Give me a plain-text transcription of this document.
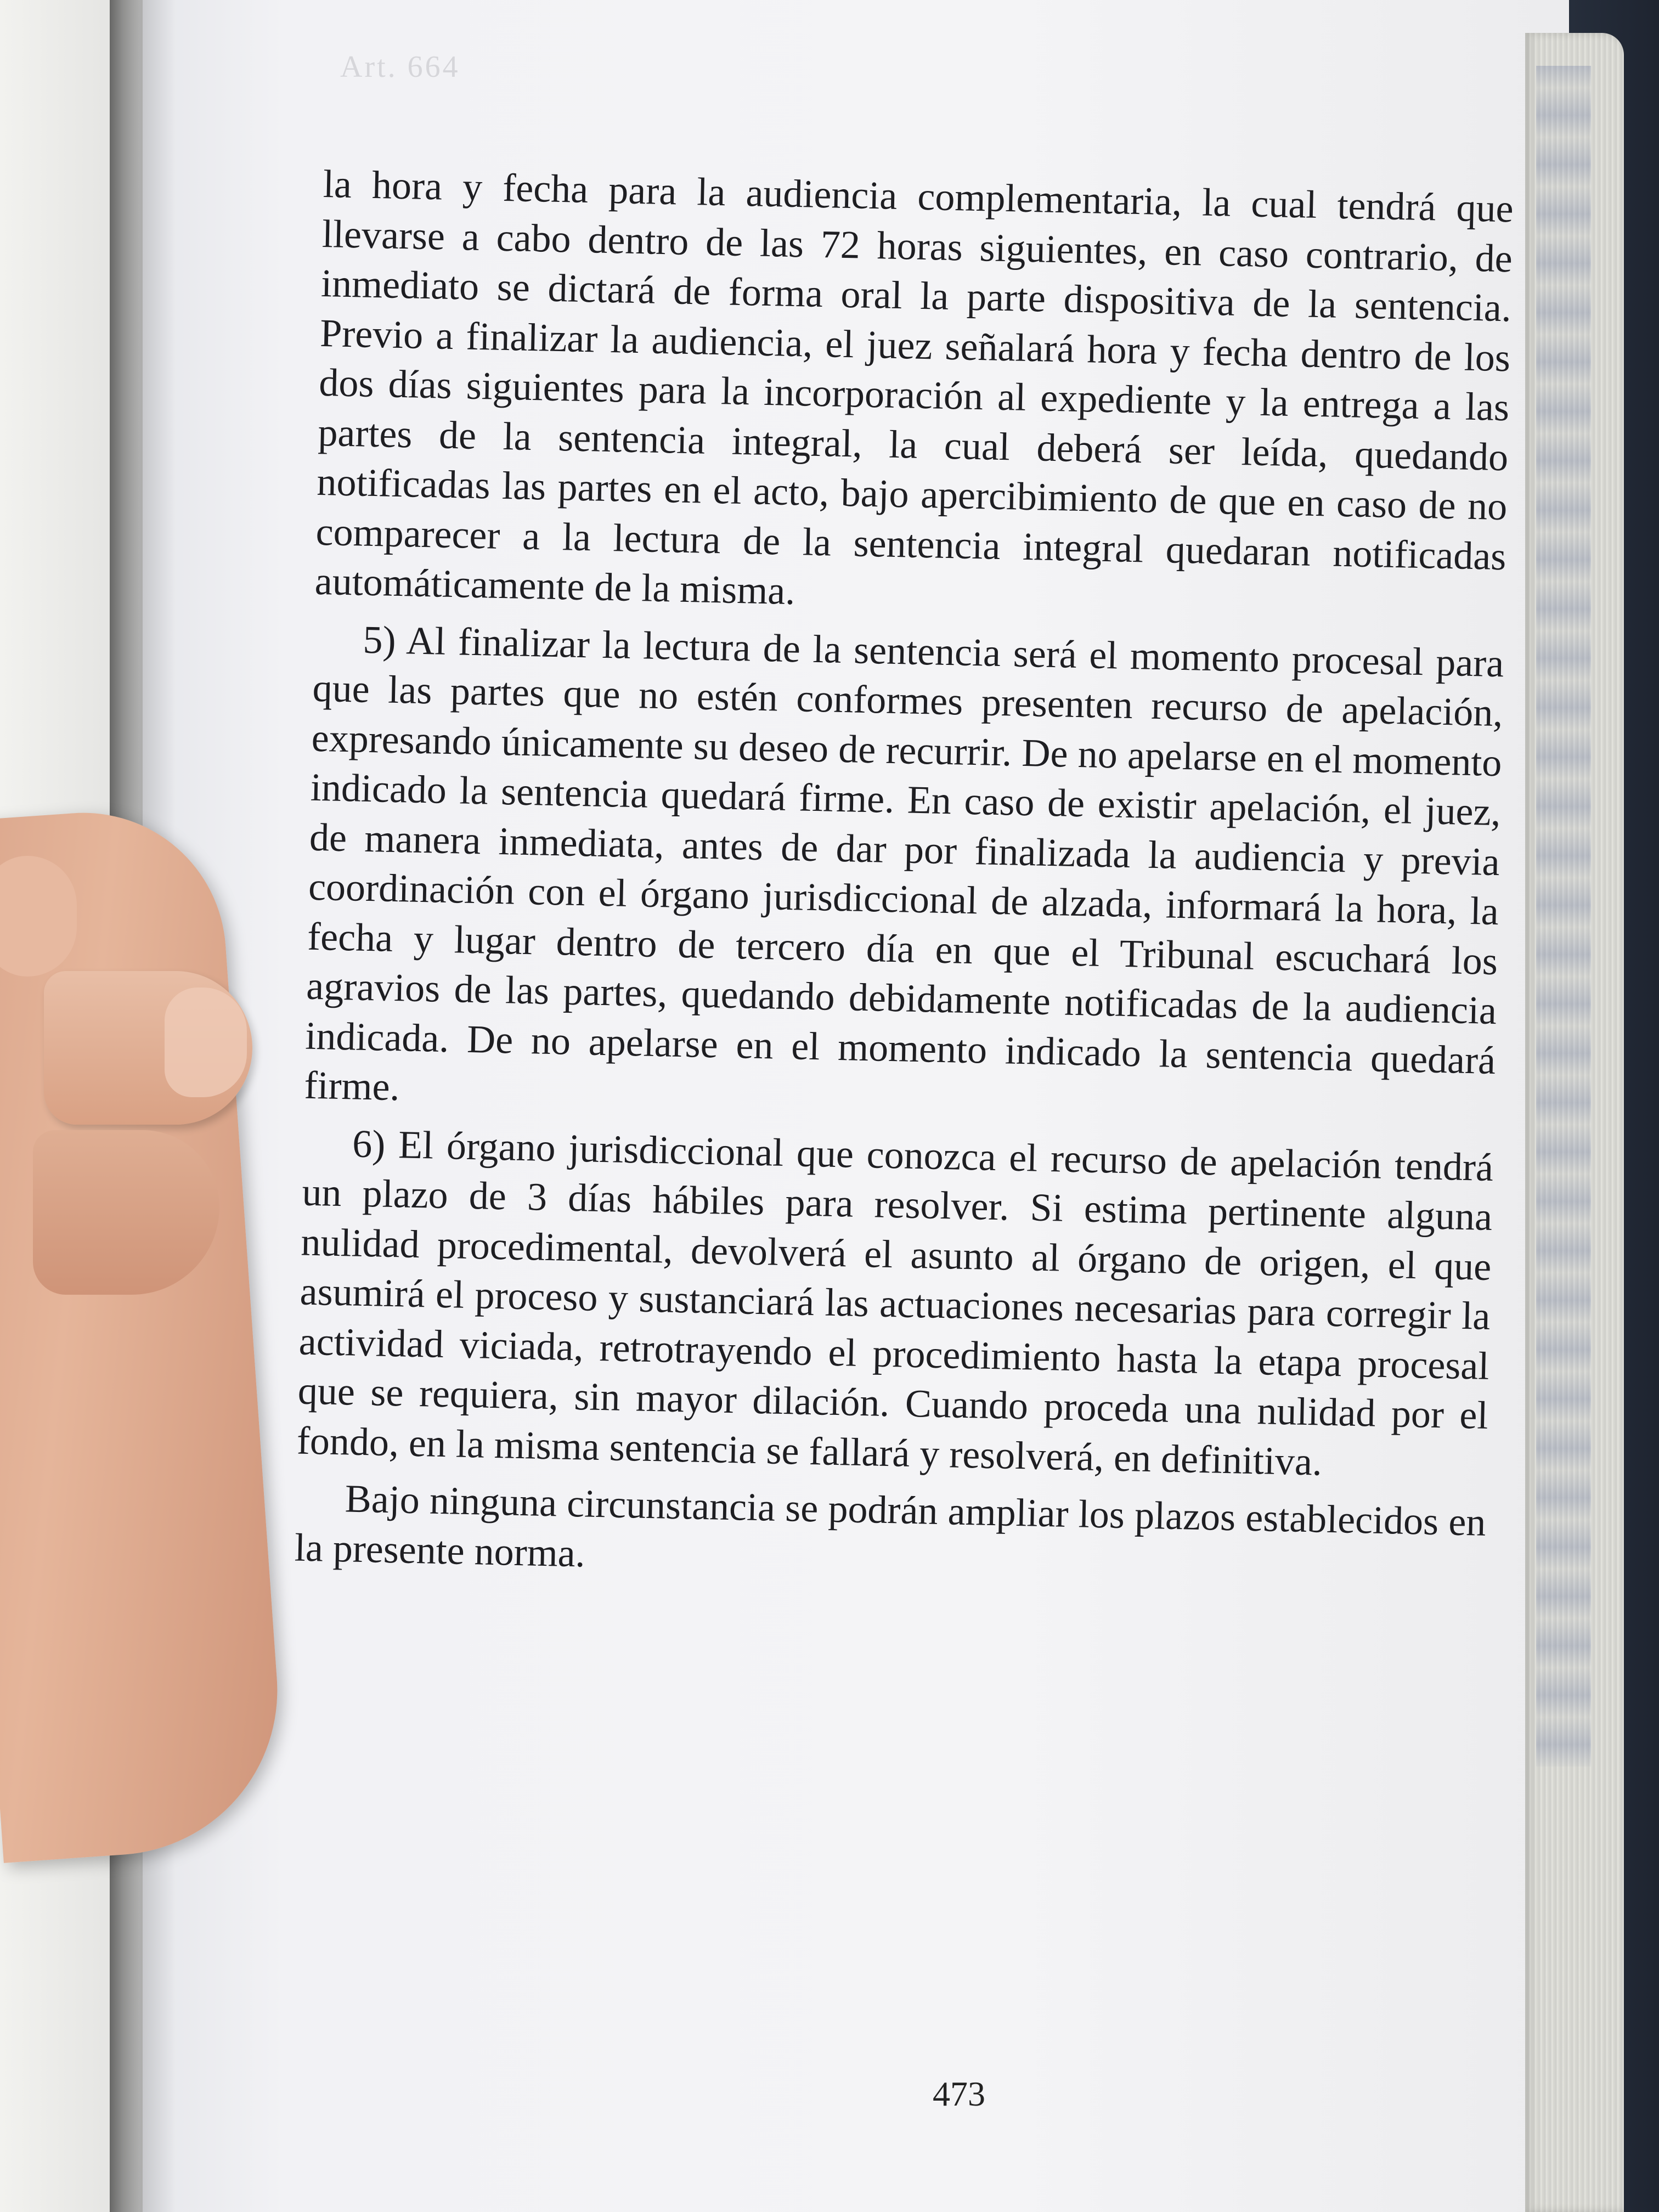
Art. 664

la hora y fecha para la audiencia complementaria, la cual tendrá que llevarse a cabo dentro de las 72 horas siguientes, en caso contrario, de inmediato se dictará de forma oral la parte dispositiva de la sentencia. Previo a finalizar la audiencia, el juez señalará hora y fecha dentro de los dos días siguientes para la incorporación al expediente y la entrega a las partes de la sentencia integral, la cual deberá ser leída, quedando notificadas las partes en el acto, bajo apercibimiento de que en caso de no comparecer a la lectura de la sentencia integral quedaran notificadas automáticamente de la misma.

5) Al finalizar la lectura de la sentencia será el momento procesal para que las partes que no estén conformes presenten recurso de apelación, expresando únicamente su deseo de recurrir. De no apelarse en el momento indicado la sentencia quedará firme. En caso de existir apelación, el juez, de manera inmediata, antes de dar por finalizada la audiencia y previa coordinación con el órgano jurisdiccional de alzada, informará la hora, la fecha y lugar dentro de tercero día en que el Tribunal escuchará los agravios de las partes, quedando debidamente notificadas de la audiencia indicada. De no apelarse en el momento indicado la sentencia quedará firme.

6) El órgano jurisdiccional que conozca el recurso de apelación tendrá un plazo de 3 días hábiles para resolver. Si estima pertinente alguna nulidad procedimental, devolverá el asunto al órgano de origen, el que asumirá el proceso y sustanciará las actuaciones necesarias para corregir la actividad viciada, retrotrayendo el procedimiento hasta la etapa procesal que se requiera, sin mayor dilación. Cuando proceda una nulidad por el fondo, en la misma sentencia se fallará y resolverá, en definitiva.

Bajo ninguna circunstancia se podrán ampliar los plazos establecidos en la presente norma.

473
